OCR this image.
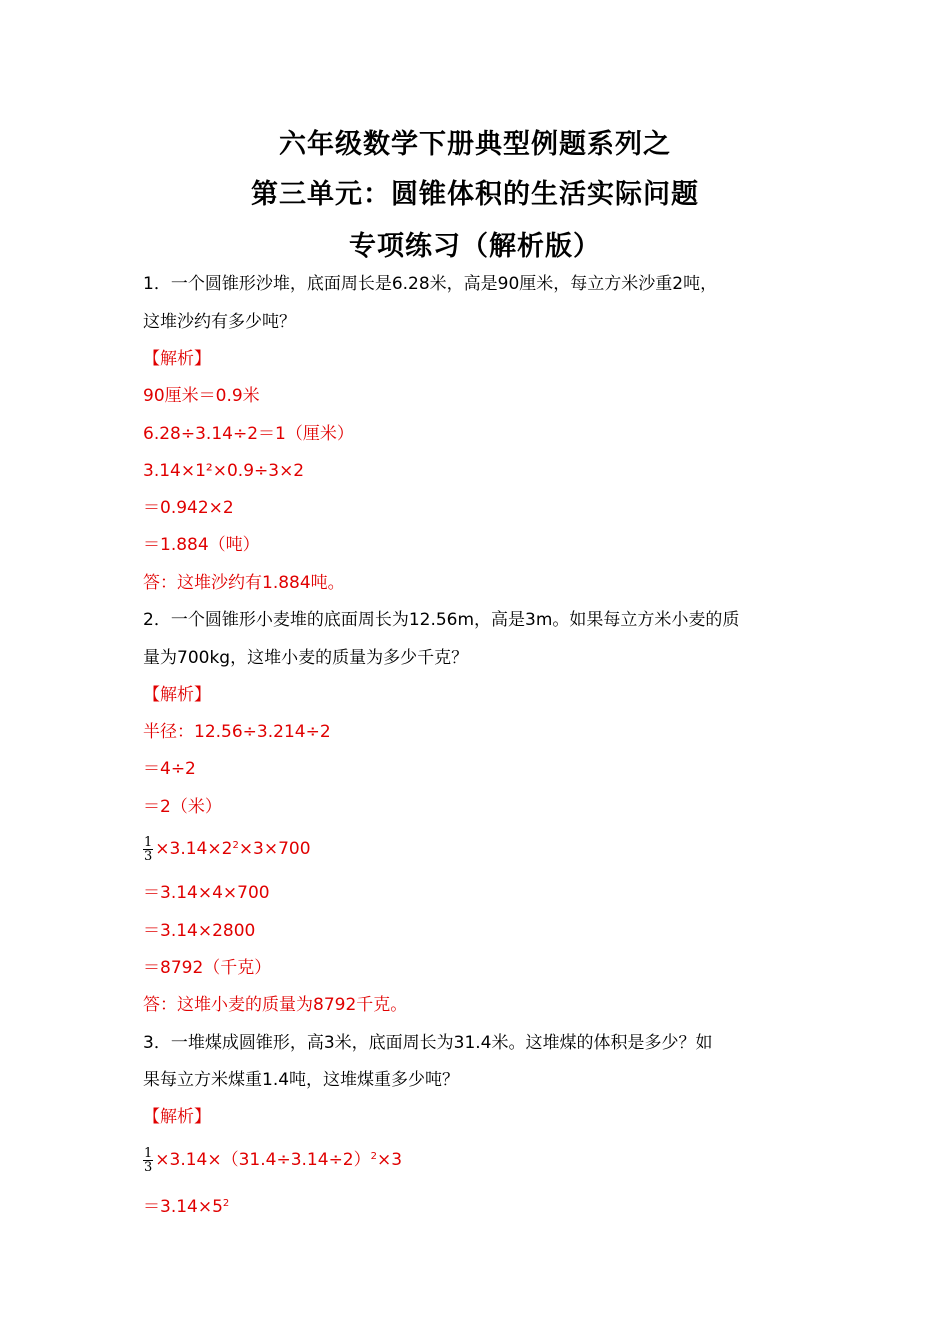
六年级数学下册典型例题系列之
第三单元：圆锥体积的生活实际问题
专项练习（解析版）
1．一个圆锥形沙堆，底面周长是6.28米，高是90厘米，每立方米沙重2吨，
这堆沙约有多少吨？
【解析】
90厘米＝0.9米
6.28÷3.14÷2＝1（厘米）
3.14×1²×0.9÷3×2
＝0.942×2
＝1.884（吨）
答：这堆沙约有1.884吨。
2．一个圆锥形小麦堆的底面周长为12.56m，高是3m。如果每立方米小麦的质
量为700kg，这堆小麦的质量为多少千克？
【解析】
半径：12.56÷3.214÷2
＝4÷2
＝2（米）
$\frac{1}{3} \times 3.14\times 2^2\times 3\times 700$
＝3.14×4×700
＝3.14×2800
＝8792（千克）
答：这堆小麦的质量为8792千克。
3．一堆煤成圆锥形，高3米，底面周长为31.4米。这堆煤的体积是多少？如
果每立方米煤重1.4吨，这堆煤重多少吨？
【解析】
$\frac{1}{3} \times 3.14\times(31.4\div 3.14\div 2)^2\times 3$
$=3.14\times 5^2$
